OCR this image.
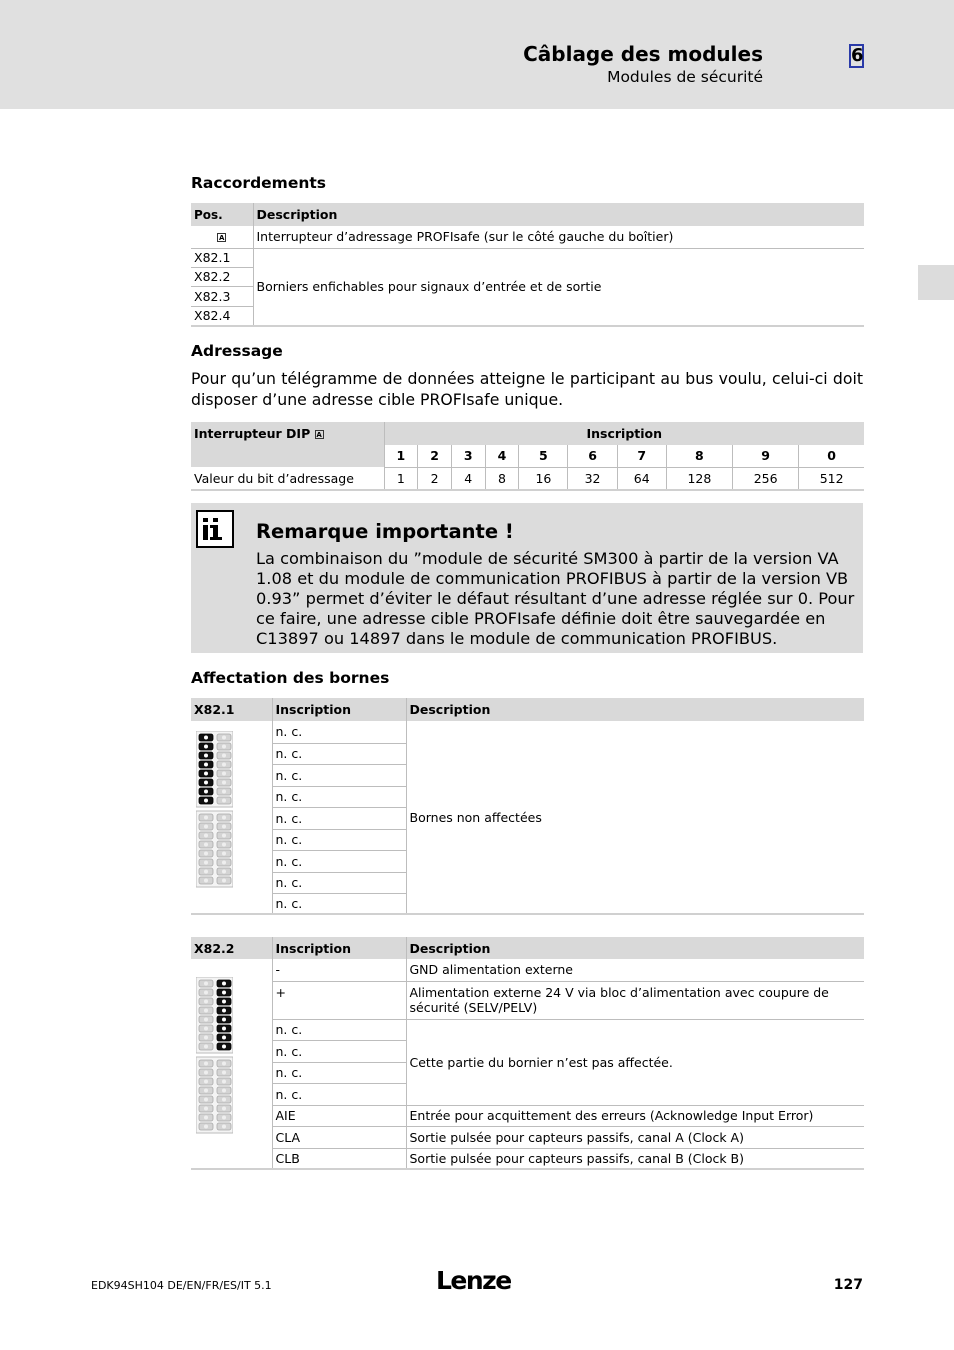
Câblage des modules
Modules de sécurité
6
Raccordements
Pos.	Description
A	Interrupteur d’adressage PROFIsafe (sur le côté gauche du boîtier)
X82.1	Borniers enfichables pour signaux d’entrée et de sortie
X82.2	
X82.3	
X82.4	
Adressage
Pour qu’un télégramme de données atteigne le participant au bus voulu, celui-ci doit disposer d’une adresse cible PROFIsafe unique.
Interrupteur DIP A	Inscription									
	1	2	3	4	5	6	7	8	9	0
Valeur du bit d’adressage	1	2	4	8	16	32	64	128	256	512
Remarque importante !
La combinaison du ”module de sécurité SM300 à partir de la version VA 1.08 et du module de communication PROFIBUS à partir de la version VB 0.93” permet d’éviter le défaut résultant d’une adresse réglée sur 0. Pour ce faire, une adresse cible PROFIsafe définie doit être sauvegardée en C13897 ou 14897 dans le module de communication PROFIBUS.
Affectation des bornes
X82.1	Inscription	Description

	n. c.	Bornes non affectées
	n. c.	
	n. c.	
	n. c.	
	n. c.	
	n. c.	
	n. c.	
	n. c.	
	n. c.	
X82.2	Inscription	Description

	-	GND alimentation externe
	+	Alimentation externe 24 V via bloc d’alimentation avec coupure de sécurité (SELV/PELV)
	n. c.	Cette partie du bornier n’est pas affectée.
	n. c.	
	n. c.	
	n. c.	
	AIE	Entrée pour acquittement des erreurs (Acknowledge Input Error)
	CLA	Sortie pulsée pour capteurs passifs, canal A (Clock A)
	CLB	Sortie pulsée pour capteurs passifs, canal B (Clock B)
EDK94SH104 DE/EN/FR/ES/IT 5.1	Lenze	127
